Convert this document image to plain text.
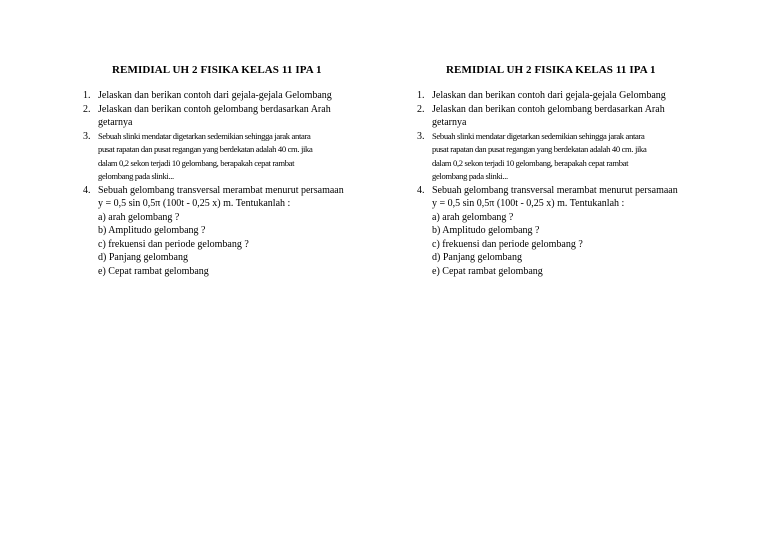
REMIDIAL UH 2 FISIKA KELAS 11 IPA 1
1. Jelaskan dan berikan contoh dari gejala-gejala Gelombang
2. Jelaskan dan berikan contoh gelombang berdasarkan Arah
getarnya
3. Sebuah slinki mendatar digetarkan sedemikian sehingga jarak antara
pusat rapatan dan pusat regangan yang berdekatan adalah 40 cm. jika
dalam 0,2 sekon terjadi 10 gelombang, berapakah cepat rambat
gelombang pada slinki...
4. Sebuah gelombang transversal merambat menurut persamaan
y = 0,5 sin 0,5π (100t - 0,25 x) m. Tentukanlah :
a) arah gelombang ?
b) Amplitudo gelombang ?
c) frekuensi dan periode gelombang ?
d) Panjang gelombang
e) Cepat rambat gelombang
REMIDIAL UH 2 FISIKA KELAS 11 IPA 1
1. Jelaskan dan berikan contoh dari gejala-gejala Gelombang
2. Jelaskan dan berikan contoh gelombang berdasarkan Arah
getarnya
3. Sebuah slinki mendatar digetarkan sedemikian sehingga jarak antara
pusat rapatan dan pusat regangan yang berdekatan adalah 40 cm. jika
dalam 0,2 sekon terjadi 10 gelombang, berapakah cepat rambat
gelombang pada slinki...
4. Sebuah gelombang transversal merambat menurut persamaan
y = 0,5 sin 0,5π (100t - 0,25 x) m. Tentukanlah :
a) arah gelombang ?
b) Amplitudo gelombang ?
c) frekuensi dan periode gelombang ?
d) Panjang gelombang
e) Cepat rambat gelombang
